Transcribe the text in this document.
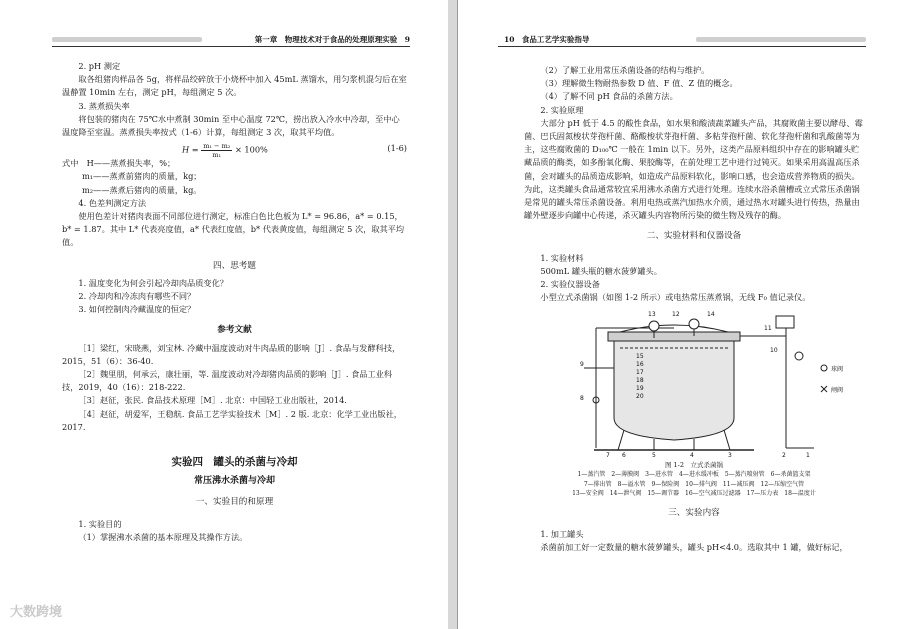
第一章　物理技术对于食品的处理原理实验　9

2. pH 测定

取各组猪肉样品各 5g，将样品绞碎放于小烧杯中加入 45mL 蒸馏水，用匀浆机混匀后在室温静置 10min 左右，测定 pH，每组测定 5 次。

3. 蒸煮损失率

将包装的猪肉在 75℃水中煮制 30min 至中心温度 72℃，捞出放入冷水中冷却，至中心温度降至室温。蒸煮损失率按式（1-6）计算，每组测定 3 次，取其平均值。

$H = \frac{\text{m₁ − m₂}}{\text{m₁}} \times 100\%$	(1-6)

式中　 H——蒸煮损失率，%；

m₁——蒸煮前猪肉的质量，kg；

m₂——蒸煮后猪肉的质量，kg。

4. 色差判测定方法

使用色差计对猪肉表面不同部位进行测定，标准白色比色板为 L* = 96.86，a* = 0.15，b* = 1.87。其中 L* 代表亮度值，a* 代表红度值，b* 代表黄度值，每组测定 5 次，取其平均值。

四、思考题

1. 温度变化为何会引起冷却肉品质变化？

2. 冷却肉和冷冻肉有哪些不同？

3. 如何控制肉冷藏温度的恒定？

参考文献

［1］梁红，宋晓燕，刘宝林. 冷藏中温度波动对牛肉品质的影响［J］. 食品与发酵科技，2015，51（6）：36-40.

［2］魏里朋，何承云，康壮丽，等. 温度波动对冷却猪肉品质的影响［J］. 食品工业科技，2019，40（16）：218-222.

［3］赵征，张民. 食品技术原理［M］. 北京：中国轻工业出版社，2014.

［4］赵征，胡爱军，王稳航. 食品工艺学实验技术［M］. 2 版. 北京：化学工业出版社，2017.

实验四　罐头的杀菌与冷却
常压沸水杀菌与冷却
一、实验目的和原理

1. 实验目的

（1）掌握沸水杀菌的基本原理及其操作方法。

10　食品工艺学实验指导

（2）了解工业用常压杀菌设备的结构与维护。

（3）理解微生物耐热参数 D 值、F 值、Z 值的概念。

（4）了解不同 pH 食品的杀菌方法。

2. 实验原理

大部分 pH 低于 4.5 的酸性食品，如水果和酸渍蔬菜罐头产品，其腐败菌主要以酵母、霉菌、巴氏固氮梭状芽孢杆菌、酪酸梭状芽孢杆菌、多粘芽孢杆菌、软化芽孢杆菌和乳酸菌等为主，这些腐败菌的 D₁₀₀℃ 一般在 1min 以下。另外，这类产品原料组织中存在的影响罐头贮藏品质的酶类，如多酚氧化酶、果胶酶等，在前处理工艺中进行过钝灭。如果采用高温高压杀菌，会对罐头的品质造成影响，如造成产品原料软化，影响口感，也会造成营养物质的损失。为此，这类罐头食品通常较宜采用沸水杀菌方式进行处理。连续水浴杀菌槽或立式常压杀菌锅是常见的罐头常压杀菌设备。利用电热或蒸汽加热水介质，通过热水对罐头进行传热，热量由罐外壁逐步向罐中心传递，杀灭罐头内容物所污染的微生物及残存的酶。

二、实验材料和仪器设备

1. 实验材料

500mL 罐头瓶的糖水菠萝罐头。

2. 实验仪器设备

小型立式杀菌锅（如图 1-2 所示）或电热常压蒸煮锅，无线 F₀ 值记录仪。

12
13	14
15
16
17
18
19
20
11
10
9
8
7 6	5	4	3	2	1
球阀
闸阀
图 1-2　立式杀菌锅
1—蒸汽管　2—薄膜阀　3—进水管　4—进水缓冲板　5—蒸汽喷射管　6—杀菌篮支架
7—排出管　8—溢水管　9—保险阀　10—排气阀　11—减压阀　12—压缩空气管
13—安全阀　14—泄气阀　15—调节器　16—空气减压过滤器　17—压力表　18—温度计
三、实验内容

1. 加工罐头

杀菌前加工好一定数量的糖水菠萝罐头，罐头 pH<4.0。选取其中 1 罐，做好标记，

大数跨境
